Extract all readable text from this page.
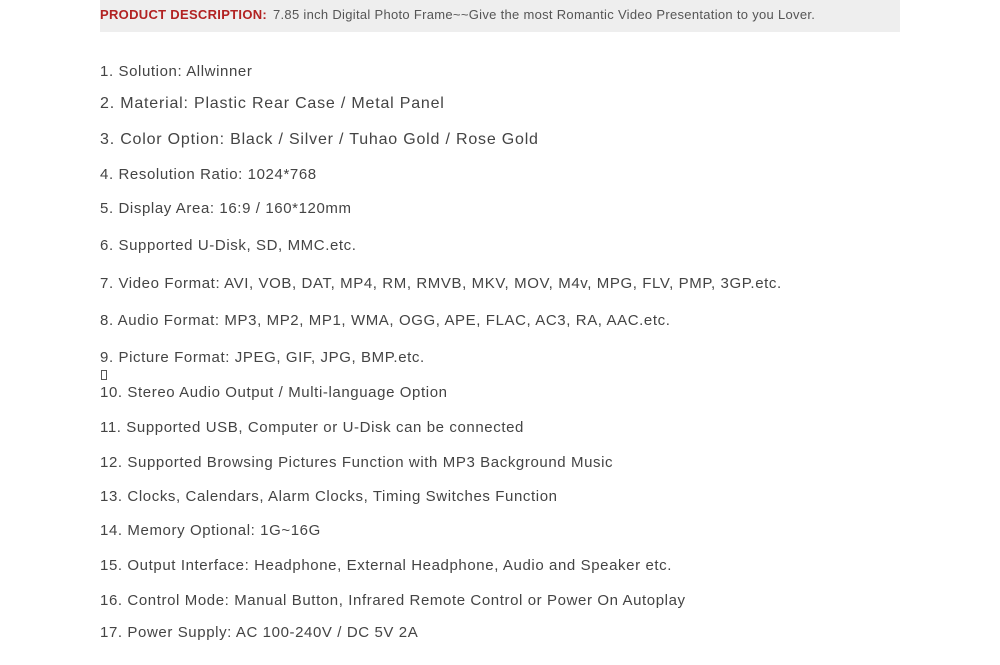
PRODUCT DESCRIPTION: 7.85 inch Digital Photo Frame~~Give the most Romantic Video Presentation to you Lover.
1. Solution: Allwinner
2. Material: Plastic Rear Case / Metal Panel
3. Color Option: Black / Silver / Tuhao Gold / Rose Gold
4. Resolution Ratio: 1024*768
5. Display Area: 16:9 / 160*120mm
6. Supported U-Disk, SD, MMC.etc.
7. Video Format: AVI, VOB, DAT, MP4, RM, RMVB, MKV, MOV, M4v, MPG, FLV, PMP, 3GP.etc.
8. Audio Format: MP3, MP2, MP1, WMA, OGG, APE, FLAC, AC3, RA, AAC.etc.
9. Picture Format: JPEG, GIF, JPG, BMP.etc.
10. Stereo Audio Output / Multi-language Option
11. Supported USB, Computer or U-Disk can be connected
12. Supported Browsing Pictures Function with MP3 Background Music
13. Clocks, Calendars, Alarm Clocks, Timing Switches Function
14. Memory Optional: 1G~16G
15. Output Interface: Headphone, External Headphone, Audio and Speaker etc.
16. Control Mode: Manual Button, Infrared Remote Control or Power On Autoplay
17. Power Supply: AC 100-240V / DC 5V 2A
